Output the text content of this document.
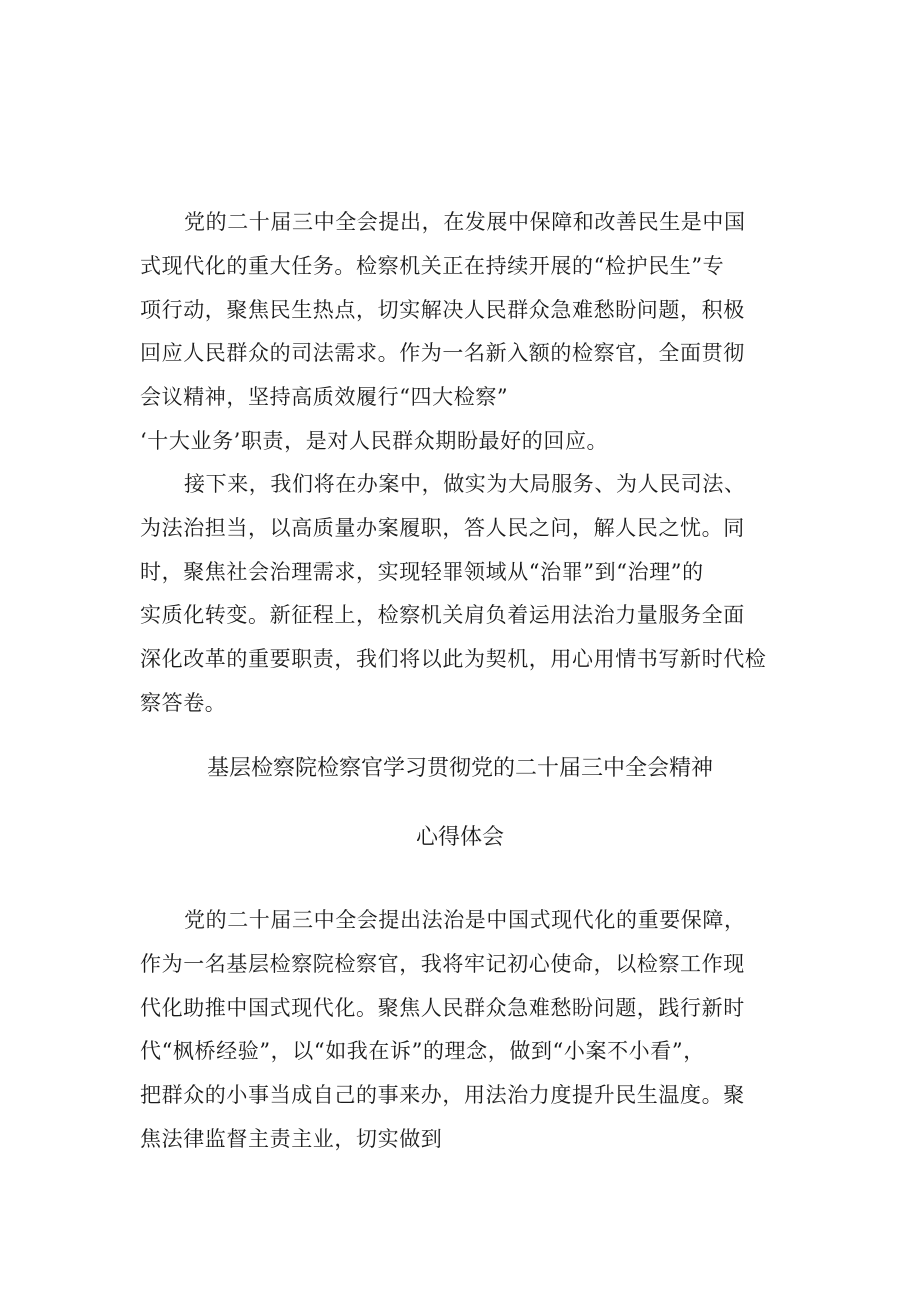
党的二十届三中全会提出，在发展中保障和改善民生是中国
式现代化的重大任务。检察机关正在持续开展的“检护民生”专
项行动，聚焦民生热点，切实解决人民群众急难愁盼问题，积极
回应人民群众的司法需求。作为一名新入额的检察官，全面贯彻
会议精神，坚持高质效履行“四大检察”
‘十大业务’职责，是对人民群众期盼最好的回应。
接下来，我们将在办案中，做实为大局服务、为人民司法、
为法治担当，以高质量办案履职，答人民之问，解人民之忧。同
时，聚焦社会治理需求，实现轻罪领域从“治罪”到“治理”的
实质化转变。新征程上，检察机关肩负着运用法治力量服务全面
深化改革的重要职责，我们将以此为契机，用心用情书写新时代检
察答卷。
基层检察院检察官学习贯彻党的二十届三中全会精神
心得体会
党的二十届三中全会提出法治是中国式现代化的重要保障，
作为一名基层检察院检察官，我将牢记初心使命，以检察工作现
代化助推中国式现代化。聚焦人民群众急难愁盼问题，践行新时
代“枫桥经验”，以“如我在诉”的理念，做到“小案不小看”，
把群众的小事当成自己的事来办，用法治力度提升民生温度。聚
焦法律监督主责主业，切实做到
